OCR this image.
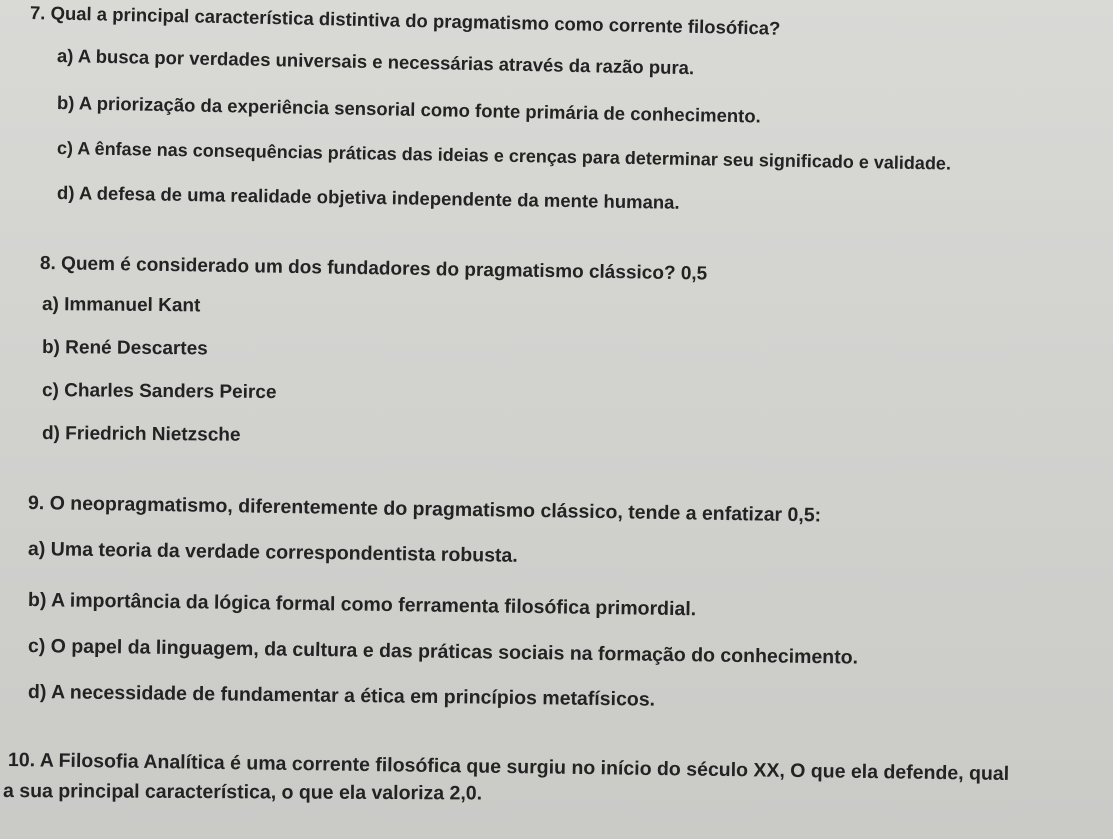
7. Qual a principal característica distintiva do pragmatismo como corrente filosófica?
a) A busca por verdades universais e necessárias através da razão pura.
b) A priorização da experiência sensorial como fonte primária de conhecimento.
c) A ênfase nas consequências práticas das ideias e crenças para determinar seu significado e validade.
d) A defesa de uma realidade objetiva independente da mente humana.
8. Quem é considerado um dos fundadores do pragmatismo clássico? 0,5
a) Immanuel Kant
b) René Descartes
c) Charles Sanders Peirce
d) Friedrich Nietzsche
9. O neopragmatismo, diferentemente do pragmatismo clássico, tende a enfatizar 0,5:
a) Uma teoria da verdade correspondentista robusta.
b) A importância da lógica formal como ferramenta filosófica primordial.
c) O papel da linguagem, da cultura e das práticas sociais na formação do conhecimento.
d) A necessidade de fundamentar a ética em princípios metafísicos.
10. A Filosofia Analítica é uma corrente filosófica que surgiu no início do século XX, O que ela defende, qual
a sua principal característica, o que ela valoriza 2,0.
